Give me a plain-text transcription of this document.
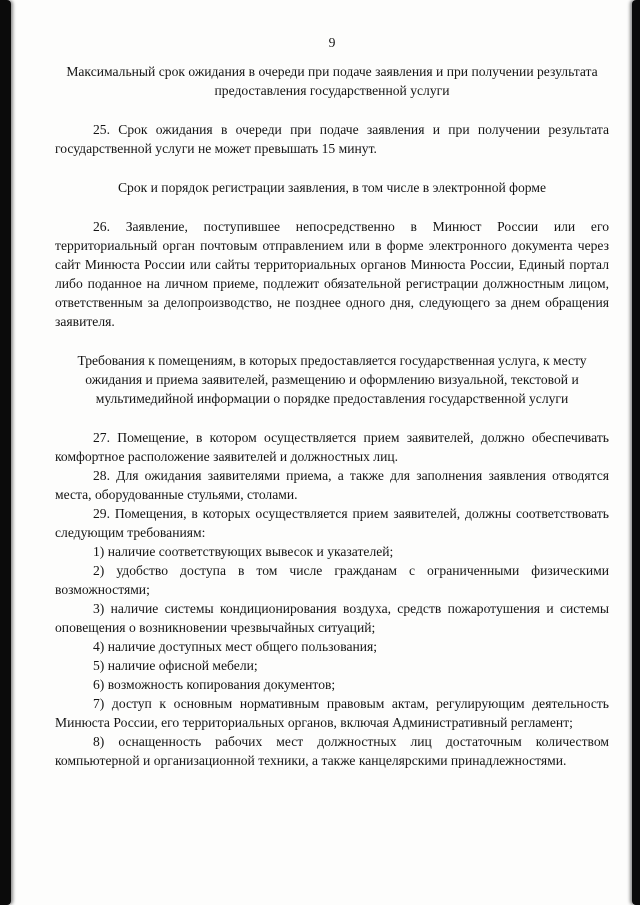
9
Максимальный срок ожидания в очереди при подаче заявления и при получении результата предоставления государственной услуги

25. Срок ожидания в очереди при подаче заявления и при получении результата государственной услуги не может превышать 15 минут.

Срок и порядок регистрации заявления, в том числе в электронной форме

26. Заявление, поступившее непосредственно в Минюст России или его территориальный орган почтовым отправлением или в форме электронного документа через сайт Минюста России или сайты территориальных органов Минюста России, Единый портал либо поданное на личном приеме, подлежит обязательной регистрации должностным лицом, ответственным за делопроизводство, не позднее одного дня, следующего за днем обращения заявителя.

Требования к помещениям, в которых предоставляется государственная услуга, к месту ожидания и приема заявителей, размещению и оформлению визуальной, текстовой и мультимедийной информации о порядке предоставления государственной услуги

27. Помещение, в котором осуществляется прием заявителей, должно обеспечивать комфортное расположение заявителей и должностных лиц.

28. Для ожидания заявителями приема, а также для заполнения заявления отводятся места, оборудованные стульями, столами.

29. Помещения, в которых осуществляется прием заявителей, должны соответствовать следующим требованиям:

1) наличие соответствующих вывесок и указателей;

2) удобство доступа в том числе гражданам с ограниченными физическими возможностями;

3) наличие системы кондиционирования воздуха, средств пожаротушения и системы оповещения о возникновении чрезвычайных ситуаций;

4) наличие доступных мест общего пользования;

5) наличие офисной мебели;

6) возможность копирования документов;

7) доступ к основным нормативным правовым актам, регулирующим деятельность Минюста России, его территориальных органов, включая Административный регламент;

8) оснащенность рабочих мест должностных лиц достаточным количеством компьютерной и организационной техники, а также канцелярскими принадлежностями.
